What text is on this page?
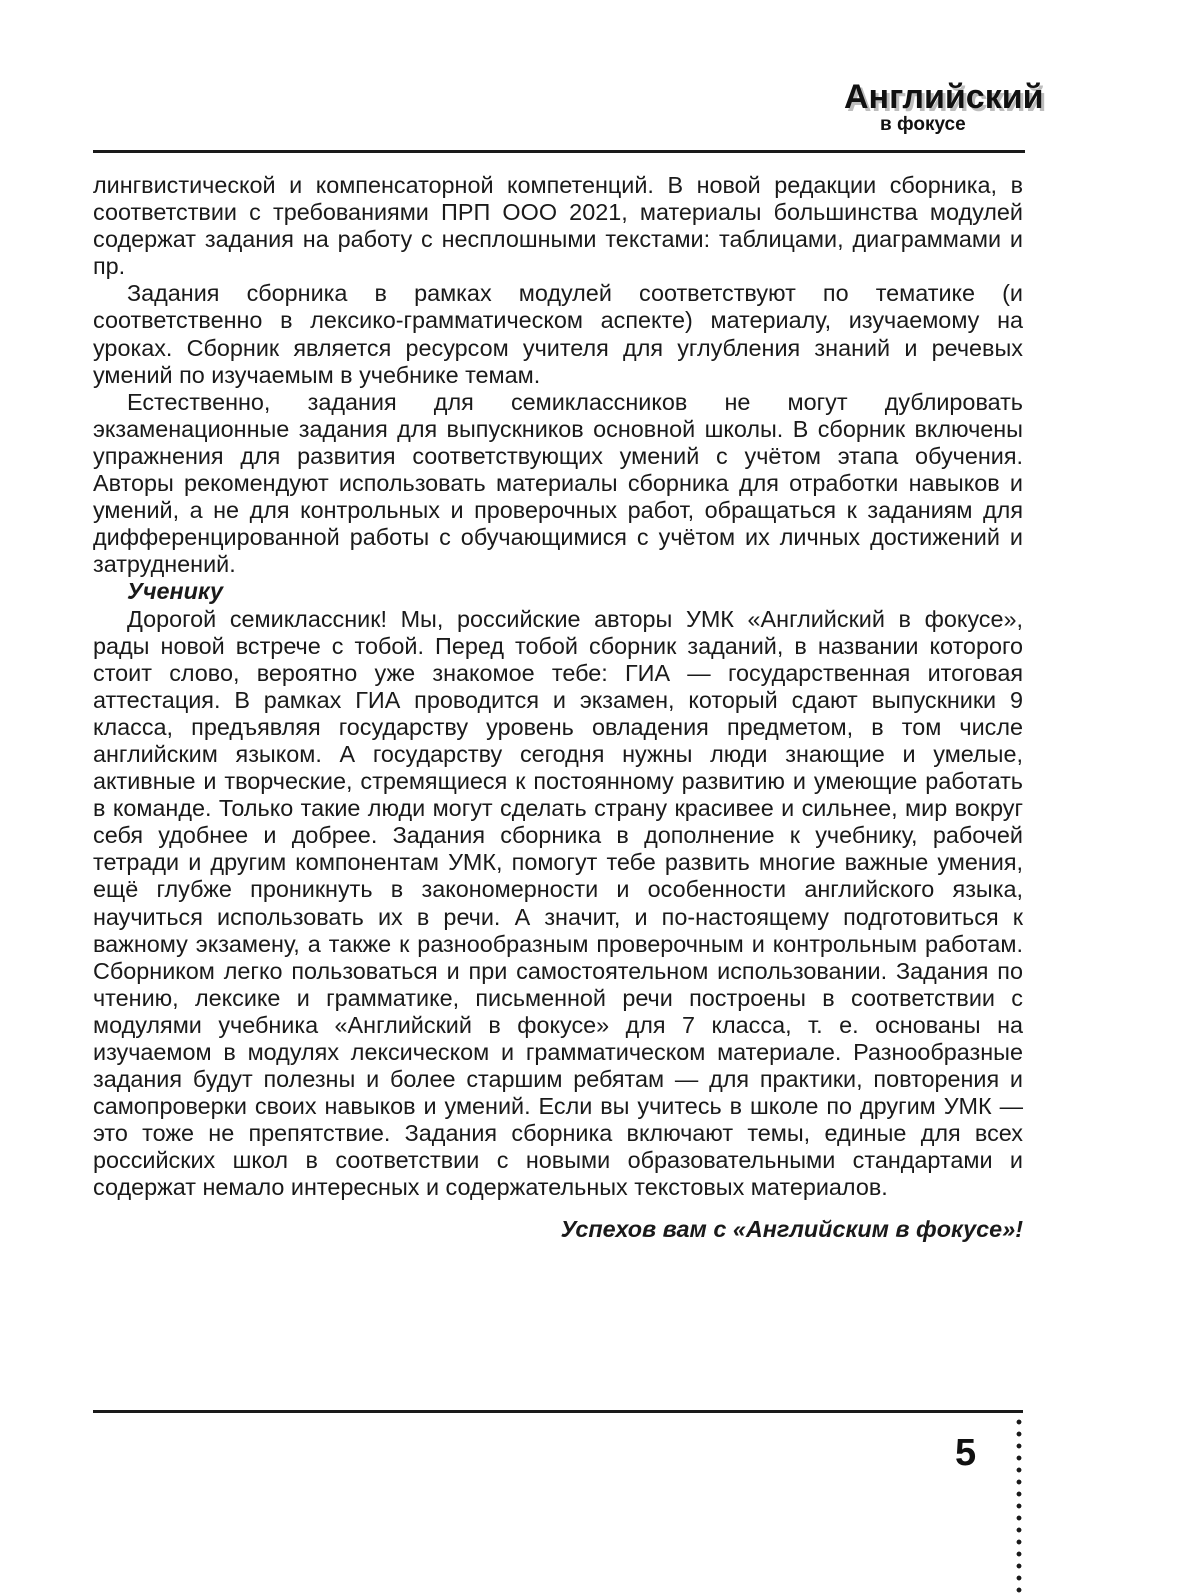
Английский
в фокусе

лингвистической и компенсаторной компетенций. В новой редакции сборника, в соответствии с требованиями ПРП ООО 2021, материалы большинства модулей содержат задания на работу с несплошными текстами: таблицами, диаграммами и пр.

Задания сборника в рамках модулей соответствуют по тематике (и соответственно в лексико-грамматическом аспекте) материалу, изучаемому на уроках. Сборник является ресурсом учителя для углубления знаний и речевых умений по изучаемым в учебнике темам.

Естественно, задания для семиклассников не могут дублировать экзаменационные задания для выпускников основной школы. В сборник включены упражнения для развития соответствующих умений с учётом этапа обучения. Авторы рекомендуют использовать материалы сборника для отработки навыков и умений, а не для контрольных и проверочных работ, обращаться к заданиям для дифференцированной работы с обучающимися с учётом их личных достижений и затруднений.

Ученику

Дорогой семиклассник! Мы, российские авторы УМК «Английский в фокусе», рады новой встрече с тобой. Перед тобой сборник заданий, в названии которого стоит слово, вероятно уже знакомое тебе: ГИА — государственная итоговая аттестация. В рамках ГИА проводится и экзамен, который сдают выпускники 9 класса, предъявляя государству уровень овладения предметом, в том числе английским языком. А государству сегодня нужны люди знающие и умелые, активные и творческие, стремящиеся к постоянному развитию и умеющие работать в команде. Только такие люди могут сделать страну красивее и сильнее, мир вокруг себя удобнее и добрее. Задания сборника в дополнение к учебнику, рабочей тетради и другим компонентам УМК, помогут тебе развить многие важные умения, ещё глубже проникнуть в закономерности и особенности английского языка, научиться использовать их в речи. А значит, и по-настоящему подготовиться к важному экзамену, а также к разнообразным проверочным и контрольным работам. Сборником легко пользоваться и при самостоятельном использовании. Задания по чтению, лексике и грамматике, письменной речи построены в соответствии с модулями учебника «Английский в фокусе» для 7 класса, т. е. основаны на изучаемом в модулях лексическом и грамматическом материале. Разнообразные задания будут полезны и более старшим ребятам — для практики, повторения и самопроверки своих навыков и умений. Если вы учитесь в школе по другим УМК — это тоже не препятствие. Задания сборника включают темы, единые для всех российских школ в соответствии с новыми образовательными стандартами и содержат немало интересных и содержательных текстовых материалов.

Успехов вам с «Английским в фокусе»!

5
